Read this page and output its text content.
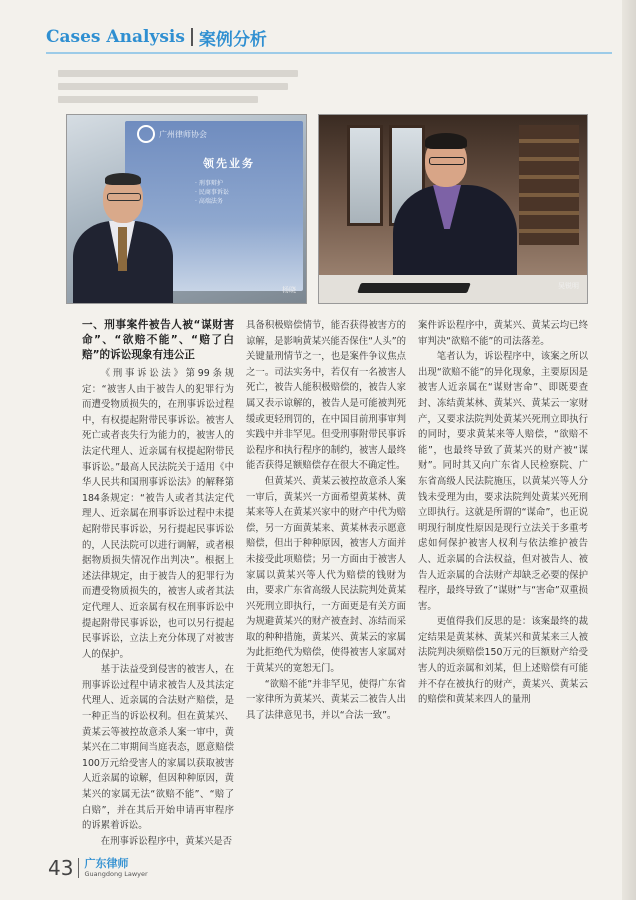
Cases Analysis 案例分析
广州律师协会
领先业务
· 刑事辩护
· 民商事诉讼
· 高端法务
杨晓	吴锐明
一、刑事案件被告人被“谋财害命”、“欲赔不能”、“赔了白赔”的诉讼现象有违公正

《刑事诉讼法》第99条规定：“被害人由于被告人的犯罪行为而遭受物质损失的，在刑事诉讼过程中，有权提起附带民事诉讼。被害人死亡或者丧失行为能力的，被害人的法定代理人、近亲属有权提起附带民事诉讼。”最高人民法院关于适用《中华人民共和国刑事诉讼法》的解释第184条规定：“被告人或者其法定代理人、近亲属在刑事诉讼过程中未提起附带民事诉讼，另行提起民事诉讼的，人民法院可以进行调解，或者根据物质损失情况作出判决”。根据上述法律规定，由于被告人的犯罪行为而遭受物质损失的，被害人或者其法定代理人、近亲属有权在刑事诉讼中提起附带民事诉讼，也可以另行提起民事诉讼，立法上充分体现了对被害人的保护。

基于法益受到侵害的被害人，在刑事诉讼过程中请求被告人及其法定代理人、近亲属的合法财产赔偿，是一种正当的诉讼权利。但在黄某兴、黄某云等被控故意杀人案一审中，黄某兴在二审期间当庭表态，愿意赔偿100万元给受害人的家属以获取被害人近亲属的谅解，但因种种原因，黄某兴的家属无法“欲赔不能”、“赔了白赔”，并在其后开始申请再审程序的诉累着诉讼。

在刑事诉讼程序中，黄某兴是否

具备积极赔偿情节，能否获得被害方的谅解，是影响黄某兴能否保住“人头”的关键量刑情节之一，也是案件争议焦点之一。司法实务中，若仅有一名被害人死亡，被告人能积极赔偿的，被告人家属又表示谅解的，被告人是可能被判死缓或更轻刑罚的，在中国目前刑事审判实践中并非罕见。但受刑事附带民事诉讼程序和执行程序的制约，被害人最终能否获得足额赔偿存在很大不确定性。

但黄某兴、黄某云被控故意杀人案一审后，黄某兴一方面希望黄某林、黄某来等人在黄某兴家中的财产中代为赔偿，另一方面黄某来、黄某林表示愿意赔偿，但出于种种原因，被害人方面并未接受此项赔偿；另一方面由于被害人家属以黄某兴等人代为赔偿的钱财为由，要求广东省高级人民法院判处黄某兴死刑立即执行，一方面更是有关方面为规避黄某兴的财产被查封、冻结而采取的种种措施，黄某兴、黄某云的家属为此拒绝代为赔偿，使得被害人家属对于黄某兴的宽恕无门。

“欲赔不能”并非罕见，使得广东省一家律所为黄某兴、黄某云二被告人出具了法律意见书，并以“合法一致”。

案件诉讼程序中，黄某兴、黄某云均已终审判决“欲赔不能”的司法落差。

笔者认为，诉讼程序中，该案之所以出现“欲赔不能”的异化现象，主要原因是被害人近亲属在“谋财害命”、即既要查封、冻结黄某林、黄某兴、黄某云一家财产，又要求法院判处黄某兴死刑立即执行的同时，要求黄某来等人赔偿，“欲赔不能”，也最终导致了黄某兴的财产被“谋财”。同时其又向广东省人民检察院、广东省高级人民法院施压，以黄某兴等人分钱未受理为由，要求法院判处黄某兴死刑立即执行。这就是所谓的“谋命”，也正说明现行制度性原因是现行立法关于多重考虑如何保护被害人权利与依法维护被告人、近亲属的合法权益，但对被告人、被告人近亲属的合法财产却缺乏必要的保护程序，最终导致了“谋财”与“害命”双重损害。

更值得我们反思的是：该案最终的裁定结果是黄某林、黄某兴和黄某来三人被法院判决须赔偿150万元的巨额财产给受害人的近亲属和刘某，但上述赔偿有可能并不存在被执行的财产，黄某兴、黄某云的赔偿和黄某来四人的量刑

43 广东律师
Guangdong Lawyer
